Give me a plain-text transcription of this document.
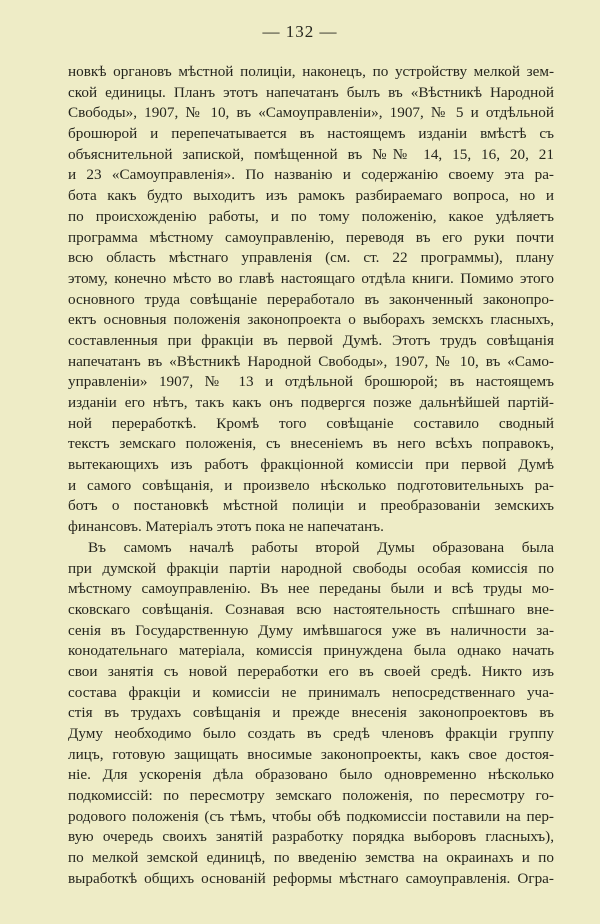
— 132 —
новкѣ органовъ мѣстной полиціи, наконецъ, по устройству мелкой зем-
ской единицы. Планъ этотъ напечатанъ былъ въ «Вѣстникѣ Народной
Свободы», 1907, № 10, въ «Самоуправленіи», 1907, № 5 и отдѣльной
брошюрой и перепечатывается въ настоящемъ изданіи вмѣстѣ съ
объяснительной запиской, помѣщенной въ №№ 14, 15, 16, 20, 21
и 23 «Самоуправленія». По названію и содержанію своему эта ра-
бота какъ будто выходитъ изъ рамокъ разбираемаго вопроса, но и
по происхожденію работы, и по тому положенію, какое удѣляетъ
программа мѣстному самоуправленію, переводя въ его руки почти
всю область мѣстнаго управленія (см. ст. 22 программы), плану
этому, конечно мѣсто во главѣ настоящаго отдѣла книги. Помимо этого
основного труда совѣщаніе переработало въ законченный законопро-
ектъ основныя положенія законопроекта о выборахъ земскхъ гласныхъ,
составленныя при фракціи въ первой Думѣ. Этотъ трудъ совѣщанія
напечатанъ въ «Вѣстникѣ Народной Свободы», 1907, № 10, въ «Само-
управленіи» 1907, № 13 и отдѣльной брошюрой; въ настоящемъ
изданіи его нѣтъ, такъ какъ онъ подвергся позже дальнѣйшей партій-
ной переработкѣ. Кромѣ того совѣщаніе составило сводный
текстъ земскаго положенія, съ внесеніемъ въ него всѣхъ поправокъ,
вытекающихъ изъ работъ фракціонной комиссіи при первой Думѣ
и самого совѣщанія, и произвело нѣсколько подготовительныхъ ра-
ботъ о постановкѣ мѣстной полиціи и преобразованіи земскихъ
финансовъ. Матеріалъ этотъ пока не напечатанъ.
Въ самомъ началѣ работы второй Думы образована была
при думской фракціи партіи народной свободы особая комиссія по
мѣстному самоуправленію. Въ нее переданы были и всѣ труды мо-
сковскаго совѣщанія. Сознавая всю настоятельность спѣшнаго вне-
сенія въ Государственную Думу имѣвшагося уже въ наличности за-
конодательнаго матеріала, комиссія принуждена была однако начать
свои занятія съ новой переработки его въ своей средѣ. Никто изъ
состава фракціи и комиссіи не принималъ непосредственнаго уча-
стія въ трудахъ совѣщанія и прежде внесенія законопроектовъ въ
Думу необходимо было создать въ средѣ членовъ фракціи группу
лицъ, готовую защищать вносимые законопроекты, какъ свое достоя-
ніе. Для ускоренія дѣла образовано было одновременно нѣсколько
подкомиссій: по пересмотру земскаго положенія, по пересмотру го-
родового положенія (съ тѣмъ, чтобы обѣ подкомиссіи поставили на пер-
вую очередь своихъ занятій разработку порядка выборовъ гласныхъ),
по мелкой земской единицѣ, по введенію земства на окраинахъ и по
выработкѣ общихъ основаній реформы мѣстнаго самоуправленія. Огра-
